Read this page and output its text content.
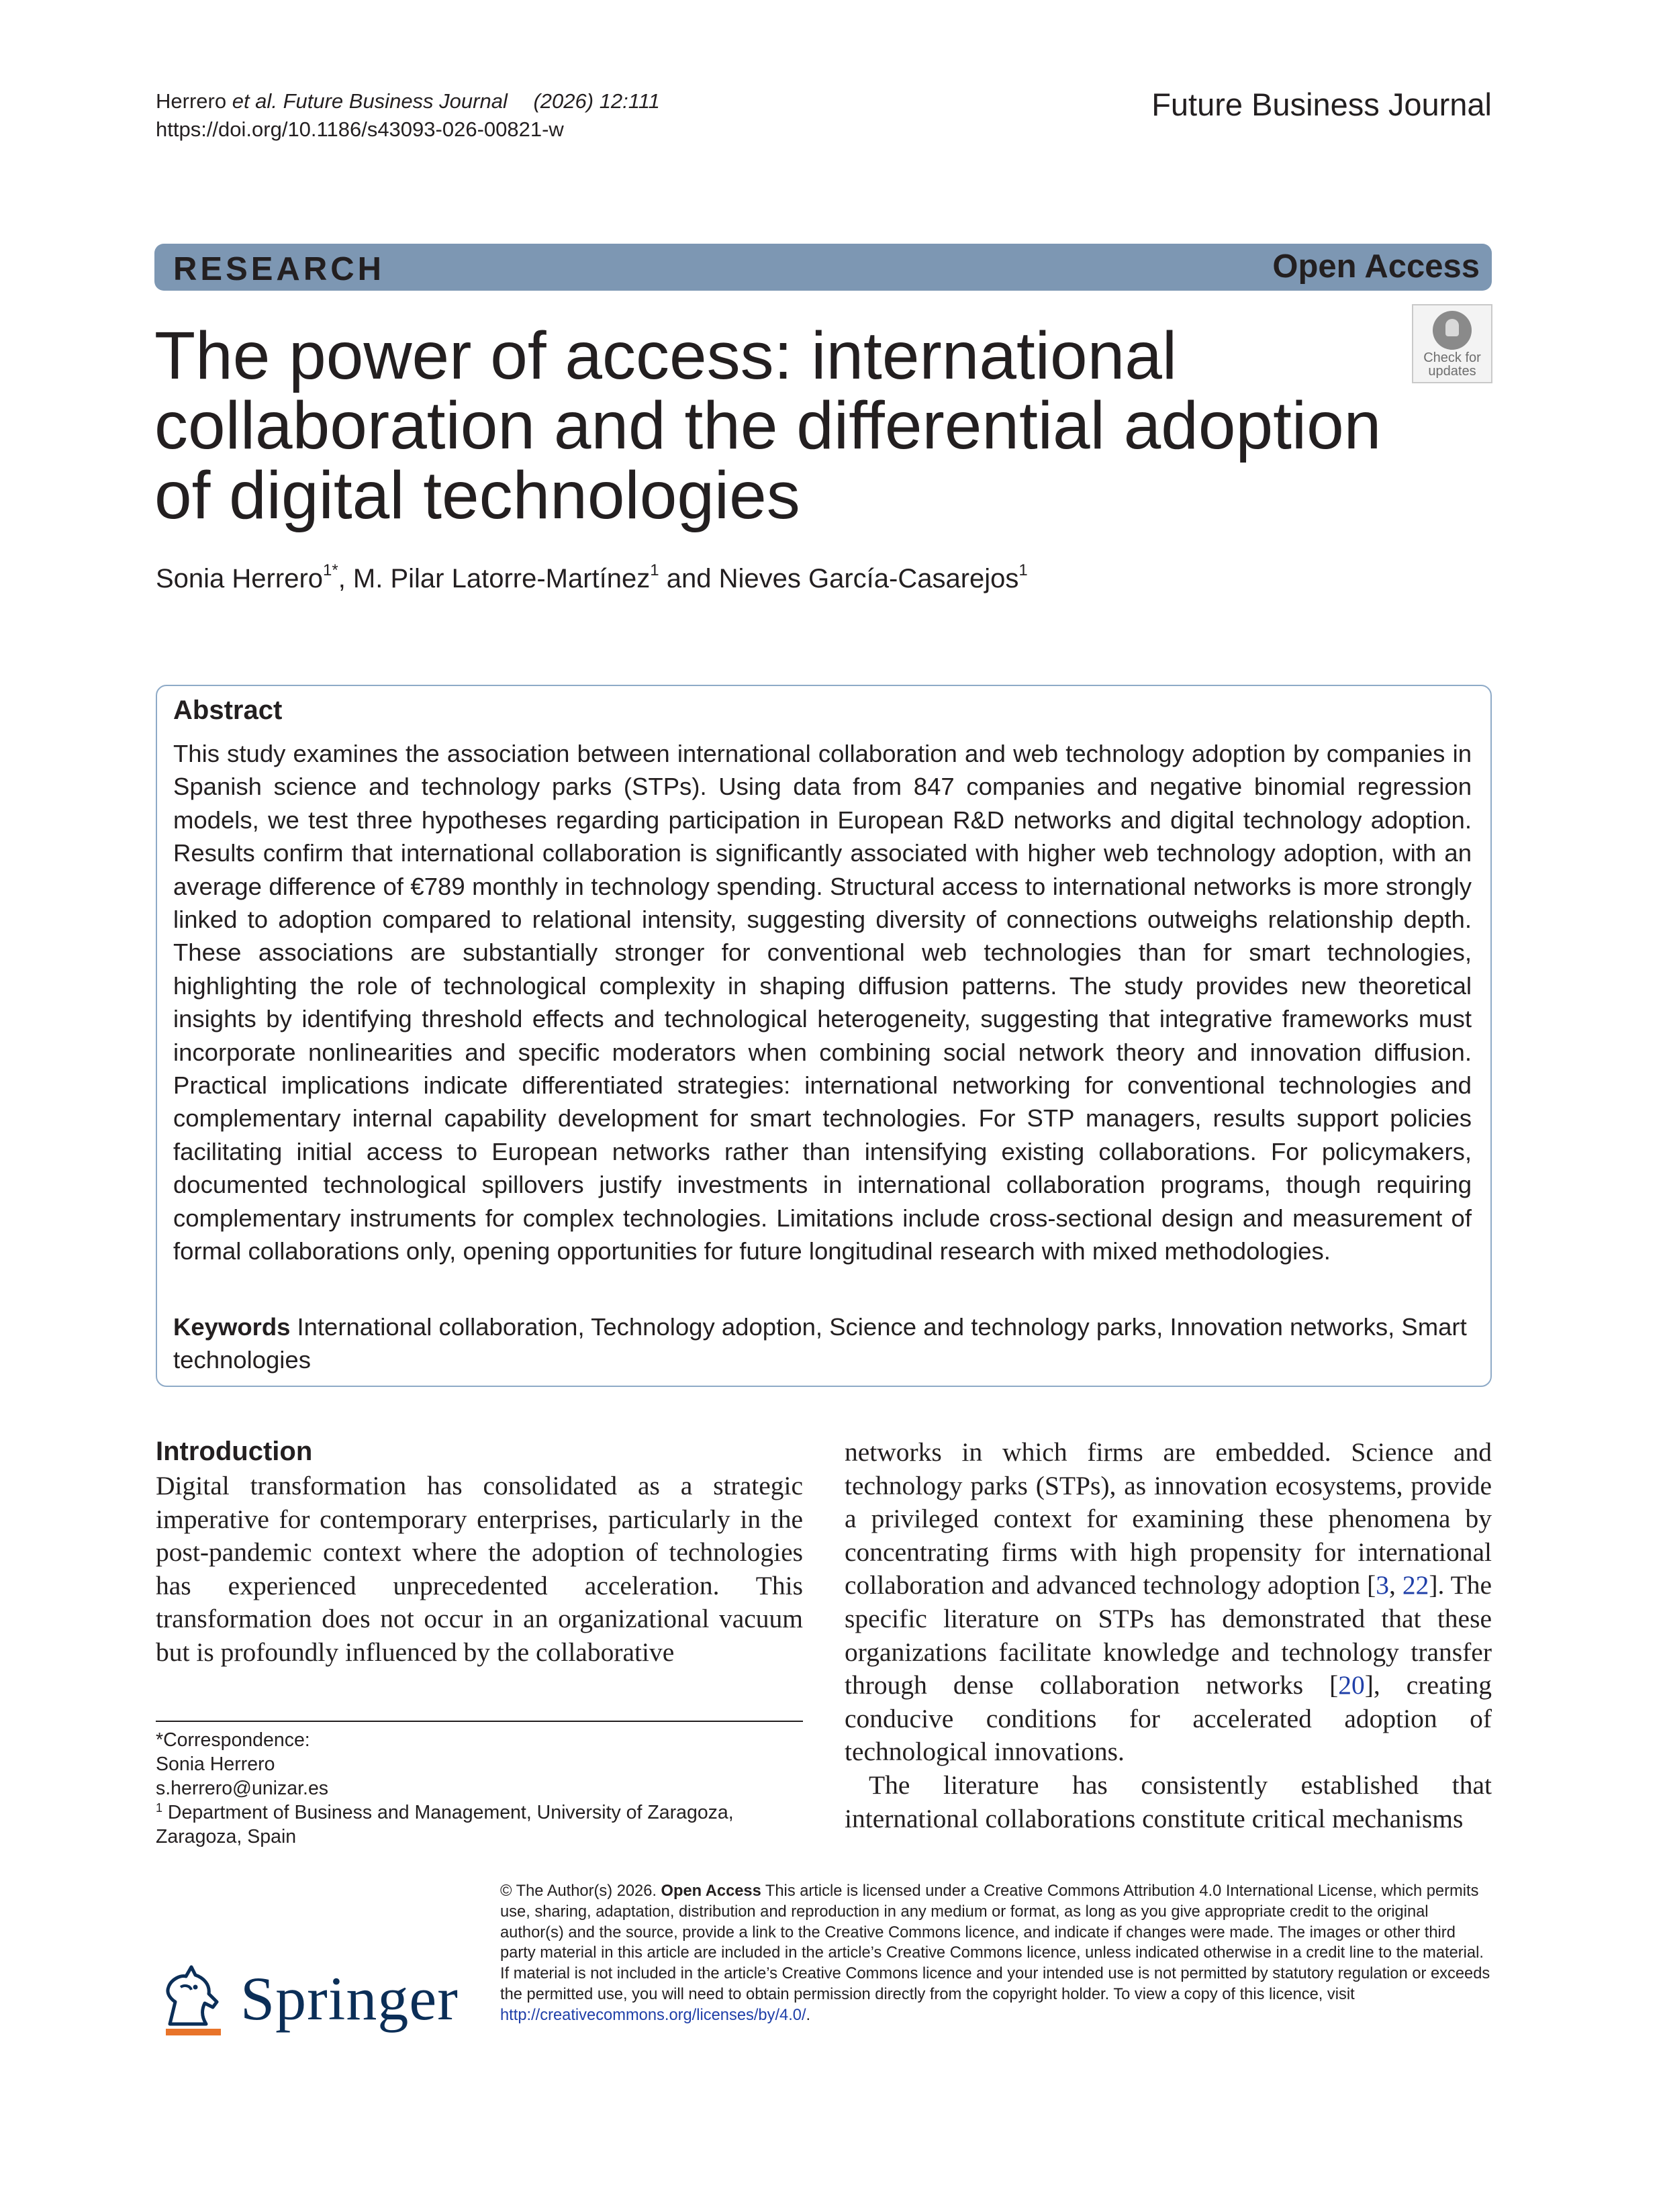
Herrero et al. Future Business Journal (2026) 12:111
https://doi.org/10.1186/s43093-026-00821-w
Future Business Journal
RESEARCH	Open Access
Check for
updates
The power of access: international
collaboration and the differential adoption
of digital technologies
Sonia Herrero$^{1*}$, M. Pilar Latorre-Martínez$^1$ and Nieves García-Casarejos$^1$
Abstract
This study examines the association between international collaboration and web technology adoption by companies in Spanish science and technology parks (STPs). Using data from 847 companies and negative binomial regression models, we test three hypotheses regarding participation in European R&D networks and digital technology adoption. Results confirm that international collaboration is significantly associated with higher web technology adoption, with an average difference of €789 monthly in technology spending. Structural access to international networks is more strongly linked to adoption compared to relational intensity, suggesting diversity of connections outweighs relationship depth. These associations are substantially stronger for conventional web technologies than for smart technologies, highlighting the role of technological complexity in shaping diffusion patterns. The study provides new theoretical insights by identifying threshold effects and technological heterogeneity, suggesting that integrative frameworks must incorporate nonlinearities and specific moderators when combining social network theory and innovation diffusion. Practical implications indicate differentiated strategies: international networking for conventional technologies and complementary internal capability development for smart technologies. For STP managers, results support policies facilitating initial access to European networks rather than intensifying existing collaborations. For policymakers, documented technological spillovers justify investments in international collaboration programs, though requiring complementary instruments for complex technologies. Limitations include cross-sectional design and measurement of formal collaborations only, opening opportunities for future longitudinal research with mixed methodologies.
Keywords International collaboration, Technology adoption, Science and technology parks, Innovation networks, Smart technologies
Introduction
Digital transformation has consolidated as a strategic imperative for contemporary enterprises, particularly in the post-pandemic context where the adoption of technologies has experienced unprecedented acceleration. This transformation does not occur in an organizational vacuum but is profoundly influenced by the collaborative

networks in which firms are embedded. Science and technology parks (STPs), as innovation ecosystems, provide a privileged context for examining these phenomena by concentrating firms with high propensity for international collaboration and advanced technology adoption [3, 22]. The specific literature on STPs has demonstrated that these organizations facilitate knowledge and technology transfer through dense collaboration networks [20], creating conducive conditions for accelerated adoption of technological innovations.

The literature has consistently established that international collaborations constitute critical mechanisms

*Correspondence:
Sonia Herrero
s.herrero@unizar.es
$^1$ Department of Business and Management, University of Zaragoza,
Zaragoza, Spain
Springer
© The Author(s) 2026. Open Access This article is licensed under a Creative Commons Attribution 4.0 International License, which permits use, sharing, adaptation, distribution and reproduction in any medium or format, as long as you give appropriate credit to the original author(s) and the source, provide a link to the Creative Commons licence, and indicate if changes were made. The images or other third party material in this article are included in the article’s Creative Commons licence, unless indicated otherwise in a credit line to the material. If material is not included in the article’s Creative Commons licence and your intended use is not permitted by statutory regulation or exceeds the permitted use, you will need to obtain permission directly from the copyright holder. To view a copy of this licence, visit http://creativecommons.org/licenses/by/4.0/.
